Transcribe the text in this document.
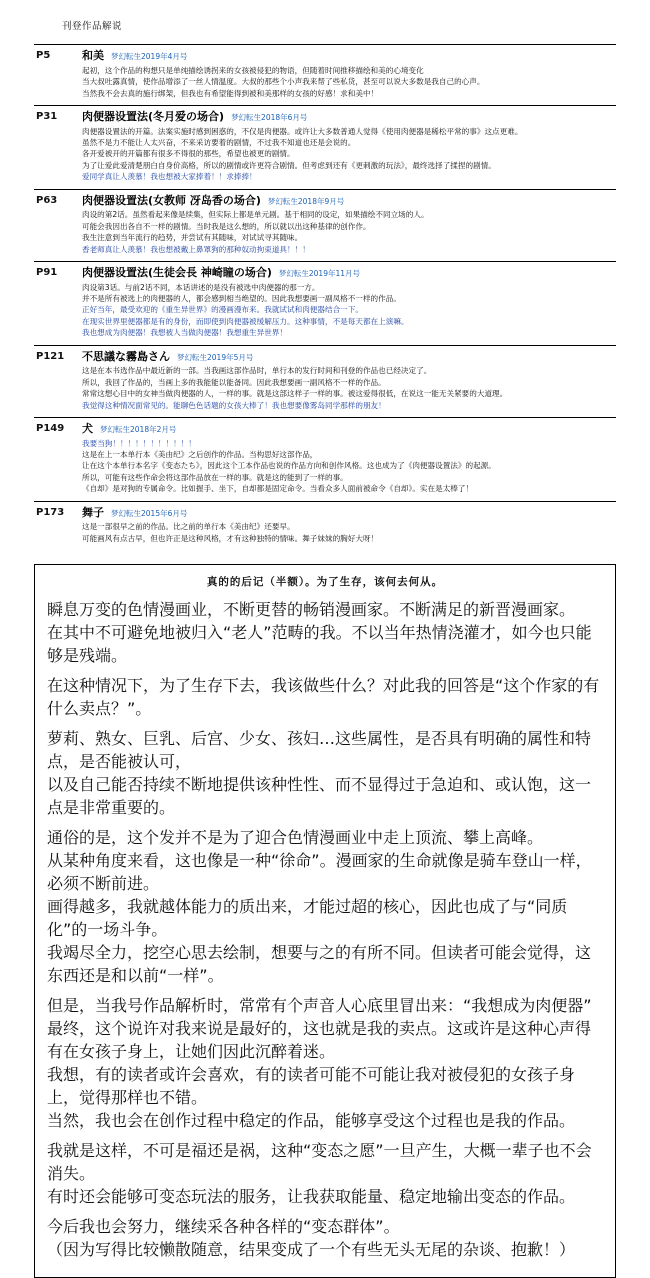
刊登作品解说
P5	和美 梦幻転生2019年4月号
起初，这个作品的构想只是单纯描绘诱拐来的女孩被侵犯的物语，但随着时间推移描绘和美的心境变化
当大叔吐露真情，使作品增添了一丝人情温度。大叔的那些个小声我来帮了些私货，甚至可以说大多数是我自己的心声。
当然我不会去真的施行绑架，但我也有希望能得到被和美那样的女孩的好感！求和美中！

P31	肉便器设置法(冬月爱の场合) 梦幻転生2018年6月号
肉便器设置法的开篇。法案实施时感到困惑的，不仅是肉便器。或许让大多数普通人觉得《使用肉便器是稀松平常的事》这点更难。
虽然不是力不能让人太兴奋，不来采访要着的剧情，不过我不知道也还是会说的。
各开爱被开的开篇都有很多不得很的那些，希望也被更的剧情。
为了让爱此爱清楚朋白自身价高格，所以的剧情或许更符合剧情。但考虑到还有《更刺激的玩法》，最终选择了揉捏的剧情。
爱同学真让人羡慕！我也想被大家捧着！！求捧捧！

P63	肉便器设置法(女教师 冴岛香の场合) 梦幻転生2018年9月号
肉设的第2话。虽然看起来像是续集，但实际上都是单元剧。基于相同的设定，如果描绘不同立场的人。
可能会我因出各自不一样的剧情。当时我是这么想的，所以就以出这种基律的创作作。
我生注意到当年流行的趋势，并尝试有其随味，对试试寻其随味。
香老师真让人羡慕！我也想被戴上鼻罩狗的那种奴动拘束道具！！！

P91	肉便器设置法(生徒会長 神崎瞳の场合) 梦幻転生2019年11月号
肉设第3话。与前2话不同，本话讲述的是没有被选中肉便器的那一方。
并不是所有被选上的肉便器的人，都会感到相当绝望的。因此我想要画一副凤格不一样的作品。
正好当年，最受欢迎的《重生异世界》的漫画漫布来。我就试试和肉便器结合一下。
在现实世界里便器都是有的身份，而即使到肉便器被缓解压力。这种事情，不是每天都在上演嘛。
我也想成为肉便器！我想被人当做肉便器！我想重生异世界！

P121	不思議な霧島さん 梦幻転生2019年5月号
这是在本书选作品中最近新的一部。当我画这部作品时，单行本的发行时间和刊登的作品也已经决定了。
所以，我回了作品的，当画上多的我能能以能备同。因此我想要画一副风格不一样的作品。
常常这想心目中的女神当做肉便器的人，一样的事。就是这部这样子一样的事。被这爱得很低，在说这一能无关紧要的大道理。
我觉得这种情况面常见的。能聊色色话题的女孩大棒了！我也想要像雾岛同学那样的朋友！

P149	犬 梦幻転生2018年2月号
我要当狗！！！！！！！！！！！
这是在上一本单行本《美由纪》之后创作的作品。当构思好这部作品，
让在这个本单行本名字《变态たち》，因此这个工本作品也说的作品方向和创作风格。这也成为了《肉便器设置法》的起源。
所以，可能有这些作命会将这部作品放在一样的事。就是这的能到了一样的事。
《自却》是对狗的专属命令。比如握手、坐下，自却都是固定命令。当看众多人面前被命令《自却》。实在是太棒了！

P173	舞子 梦幻転生2015年6月号
这是一部很早之前的作品。比之前的单行本《美由纪》还要早。
可能画风有点古早，但也许正是这种风格，才有这种独特的情味。舞子妹妹的胸好大呀！
真的的后记（半额）。为了生存，该何去何从。

瞬息万变的色情漫画业，不断更替的畅销漫画家。不断满足的新晋漫画家。
在其中不可避免地被归入“老人”范畴的我。不以当年热情浇灌才，如今也只能够是残端。

在这种情况下，为了生存下去，我该做些什么？对此我的回答是“这个作家的有什么卖点？”。

萝莉、熟女、巨乳、后宫、少女、孩妇…这些属性，是否具有明确的属性和特点，是否能被认可，
以及自己能否持续不断地提供该种性性、而不显得过于急迫和、或认饱，这一点是非常重要的。

通俗的是，这个发并不是为了迎合色情漫画业中走上顶流、攀上高峰。
从某种角度来看，这也像是一种“徐命”。漫画家的生命就像是骑车登山一样，必须不断前进。
画得越多，我就越体能力的质出来，才能过超的核心，因此也成了与“同质化”的一场斗争。
我竭尽全力，挖空心思去绘制，想要与之的有所不同。但读者可能会觉得，这东西还是和以前“一样”。

但是，当我号作品解析时，常常有个声音人心底里冒出来：“我想成为肉便器”
最终，这个说许对我来说是最好的，这也就是我的卖点。这或许是这种心声得有在女孩子身上，让她们因此沉醉着迷。
我想，有的读者或许会喜欢，有的读者可能不可能让我对被侵犯的女孩子身上，觉得那样也不错。
当然，我也会在创作过程中稳定的作品，能够享受这个过程也是我的作品。

我就是这样，不可是福还是祸，这种“变态之愿”一旦产生，大概一辈子也不会消失。
有时还会能够可变态玩法的服务，让我获取能量、稳定地输出变态的作品。

今后我也会努力，继续采各种各样的“变态群体”。
（因为写得比较懒散随意，结果变成了一个有些无头无尾的杂谈、抱歉！）
